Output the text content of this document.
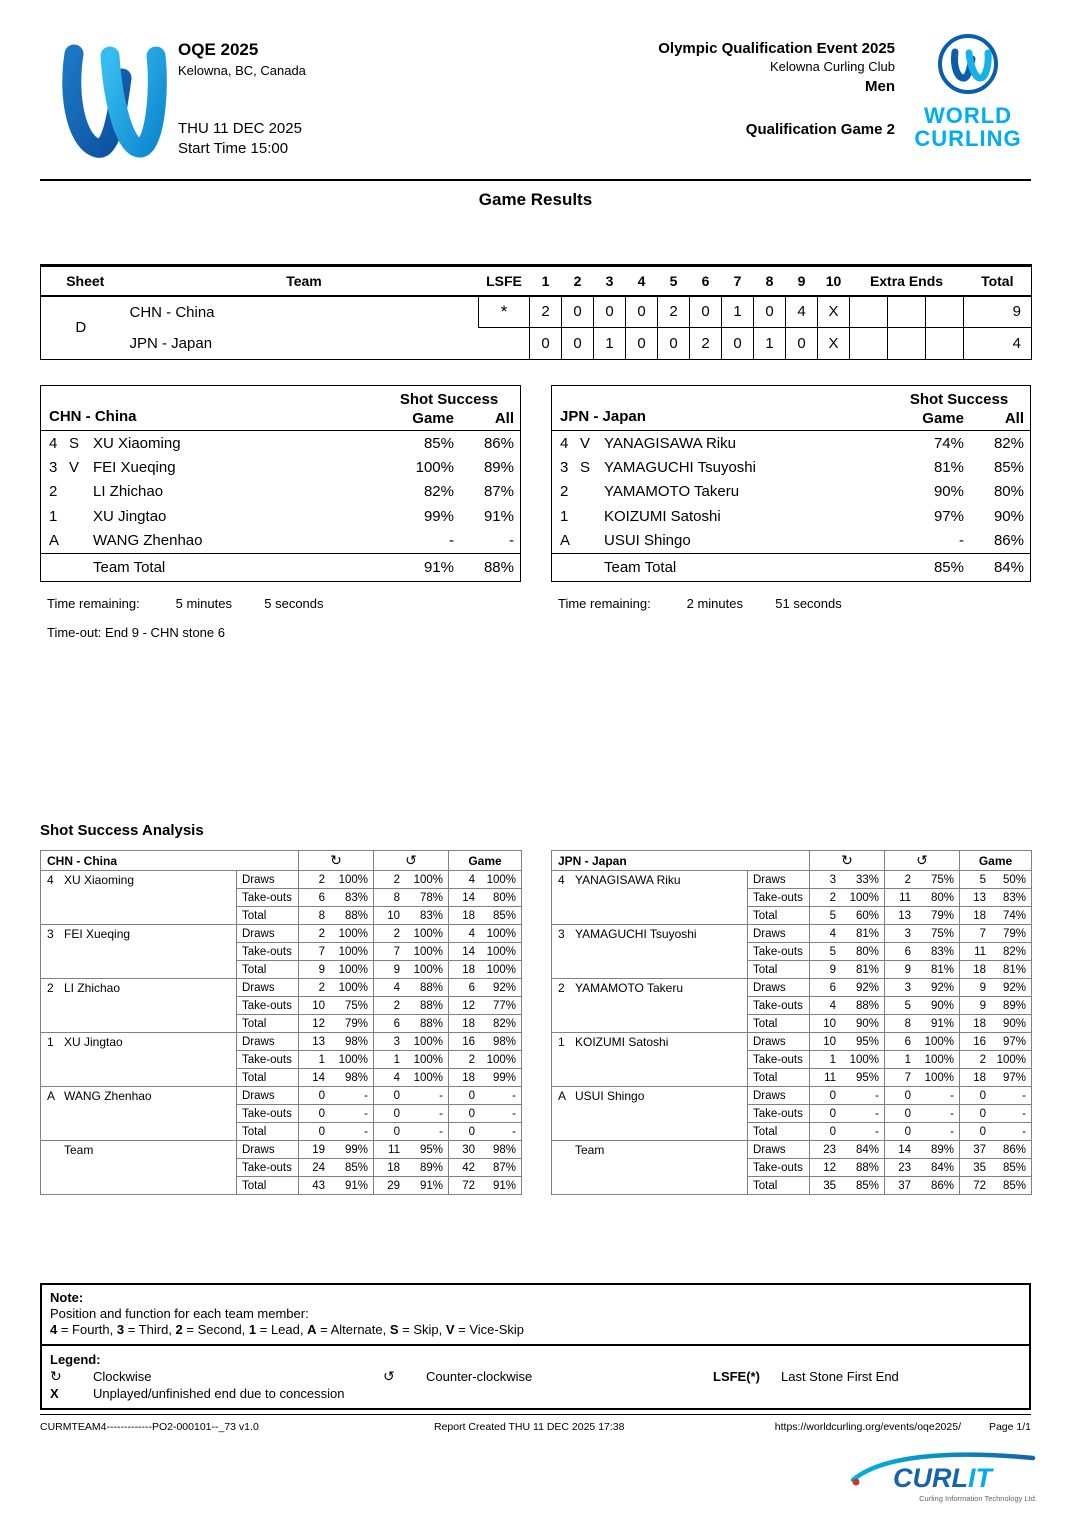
OQE 2025
Kelowna, BC, Canada
THU 11 DEC 2025
Start Time 15:00
Olympic Qualification Event 2025
Kelowna Curling Club
Men
Qualification Game 2
WORLD
CURLING
Game Results
Sheet	Team	LSFE	1	2	3	4	5	6	7	8	9	10	Extra Ends			Total
D	CHN - China	*	2	0	0	0	2	0	1	0	4	X				9
	JPN - Japan		0	0	1	0	0	2	0	1	0	X				4
CHN - China
Shot Success
Game	All
4 S XU Xiaoming	85%	86%
3 V FEI Xueqing	100%	89%
2	LI Zhichao	82%	87%
1	XU Jingtao	99%	91%
A	WANG Zhenhao	-	-
Team Total	91%	88%
JPN - Japan
Shot Success
Game	All
4 V YANAGISAWA Riku	74%	82%
3 S YAMAGUCHI Tsuyoshi	81%	85%
2	YAMAMOTO Takeru	90%	80%
1	KOIZUMI Satoshi	97%	90%
A	USUI Shingo	-	86%
Team Total	85%	84%
Time remaining:	5 minutes 5 seconds	Time remaining:	2 minutes 51 seconds
Time-out: End 9 - CHN stone 6
Shot Success Analysis
CHN - China		↻	↺	Game
4 XU Xiaoming	Draws	2 100%	2 100%	4 100%

	Take-outs	6 83%	8 78%	14 80%

	Total	8 88%	10 83%	18 85%

3 FEI Xueqing	Draws	2 100%	2 100%	4 100%

	Take-outs	7 100%	7 100%	14 100%

	Total	9 100%	9 100%	18 100%

2 LI Zhichao	Draws	2 100%	4 88%	6 92%

	Take-outs	10 75%	2 88%	12 77%

	Total	12 79%	6 88%	18 82%

1 XU Jingtao	Draws	13 98%	3 100%	16 98%

	Take-outs	1 100%	1 100%	2 100%

	Total	14 98%	4 100%	18 99%

A WANG Zhenhao	Draws	0 -	0 -	0 -

	Take-outs	0 -	0 -	0 -

	Total	0 -	0 -	0 -

Team	Draws	19 99%	11 95%	30 98%

	Take-outs	24 85%	18 89%	42 87%

	Total	43 91%	29 91%	72 91%
JPN - Japan		↻	↺	Game
4 YANAGISAWA Riku	Draws	3 33%	2 75%	5 50%

	Take-outs	2 100%	11 80%	13 83%

	Total	5 60%	13 79%	18 74%

3 YAMAGUCHI Tsuyoshi	Draws	4 81%	3 75%	7 79%

	Take-outs	5 80%	6 83%	11 82%

	Total	9 81%	9 81%	18 81%

2 YAMAMOTO Takeru	Draws	6 92%	3 92%	9 92%

	Take-outs	4 88%	5 90%	9 89%

	Total	10 90%	8 91%	18 90%

1 KOIZUMI Satoshi	Draws	10 95%	6 100%	16 97%

	Take-outs	1 100%	1 100%	2 100%

	Total	11 95%	7 100%	18 97%

A USUI Shingo	Draws	0 -	0 -	0 -

	Take-outs	0 -	0 -	0 -

	Total	0 -	0 -	0 -

Team	Draws	23 84%	14 89%	37 86%

	Take-outs	12 88%	23 84%	35 85%

	Total	35 85%	37 86%	72 85%
Note:
Position and function for each team member:
4 = Fourth, 3 = Third, 2 = Second, 1 = Lead, A = Alternate, S = Skip, V = Vice-Skip
Legend:
↻	Clockwise	↺	Counter-clockwise	LSFE(*)	Last Stone First End
X	Unplayed/unfinished end due to concession
CURMTEAM4-------------PO2-000101--_73 v1.0	Report Created THU 11 DEC 2025 17:38	https://worldcurling.org/events/oqe2025/	Page 1/1
CURLIT
Curling Information Technology Ltd.
